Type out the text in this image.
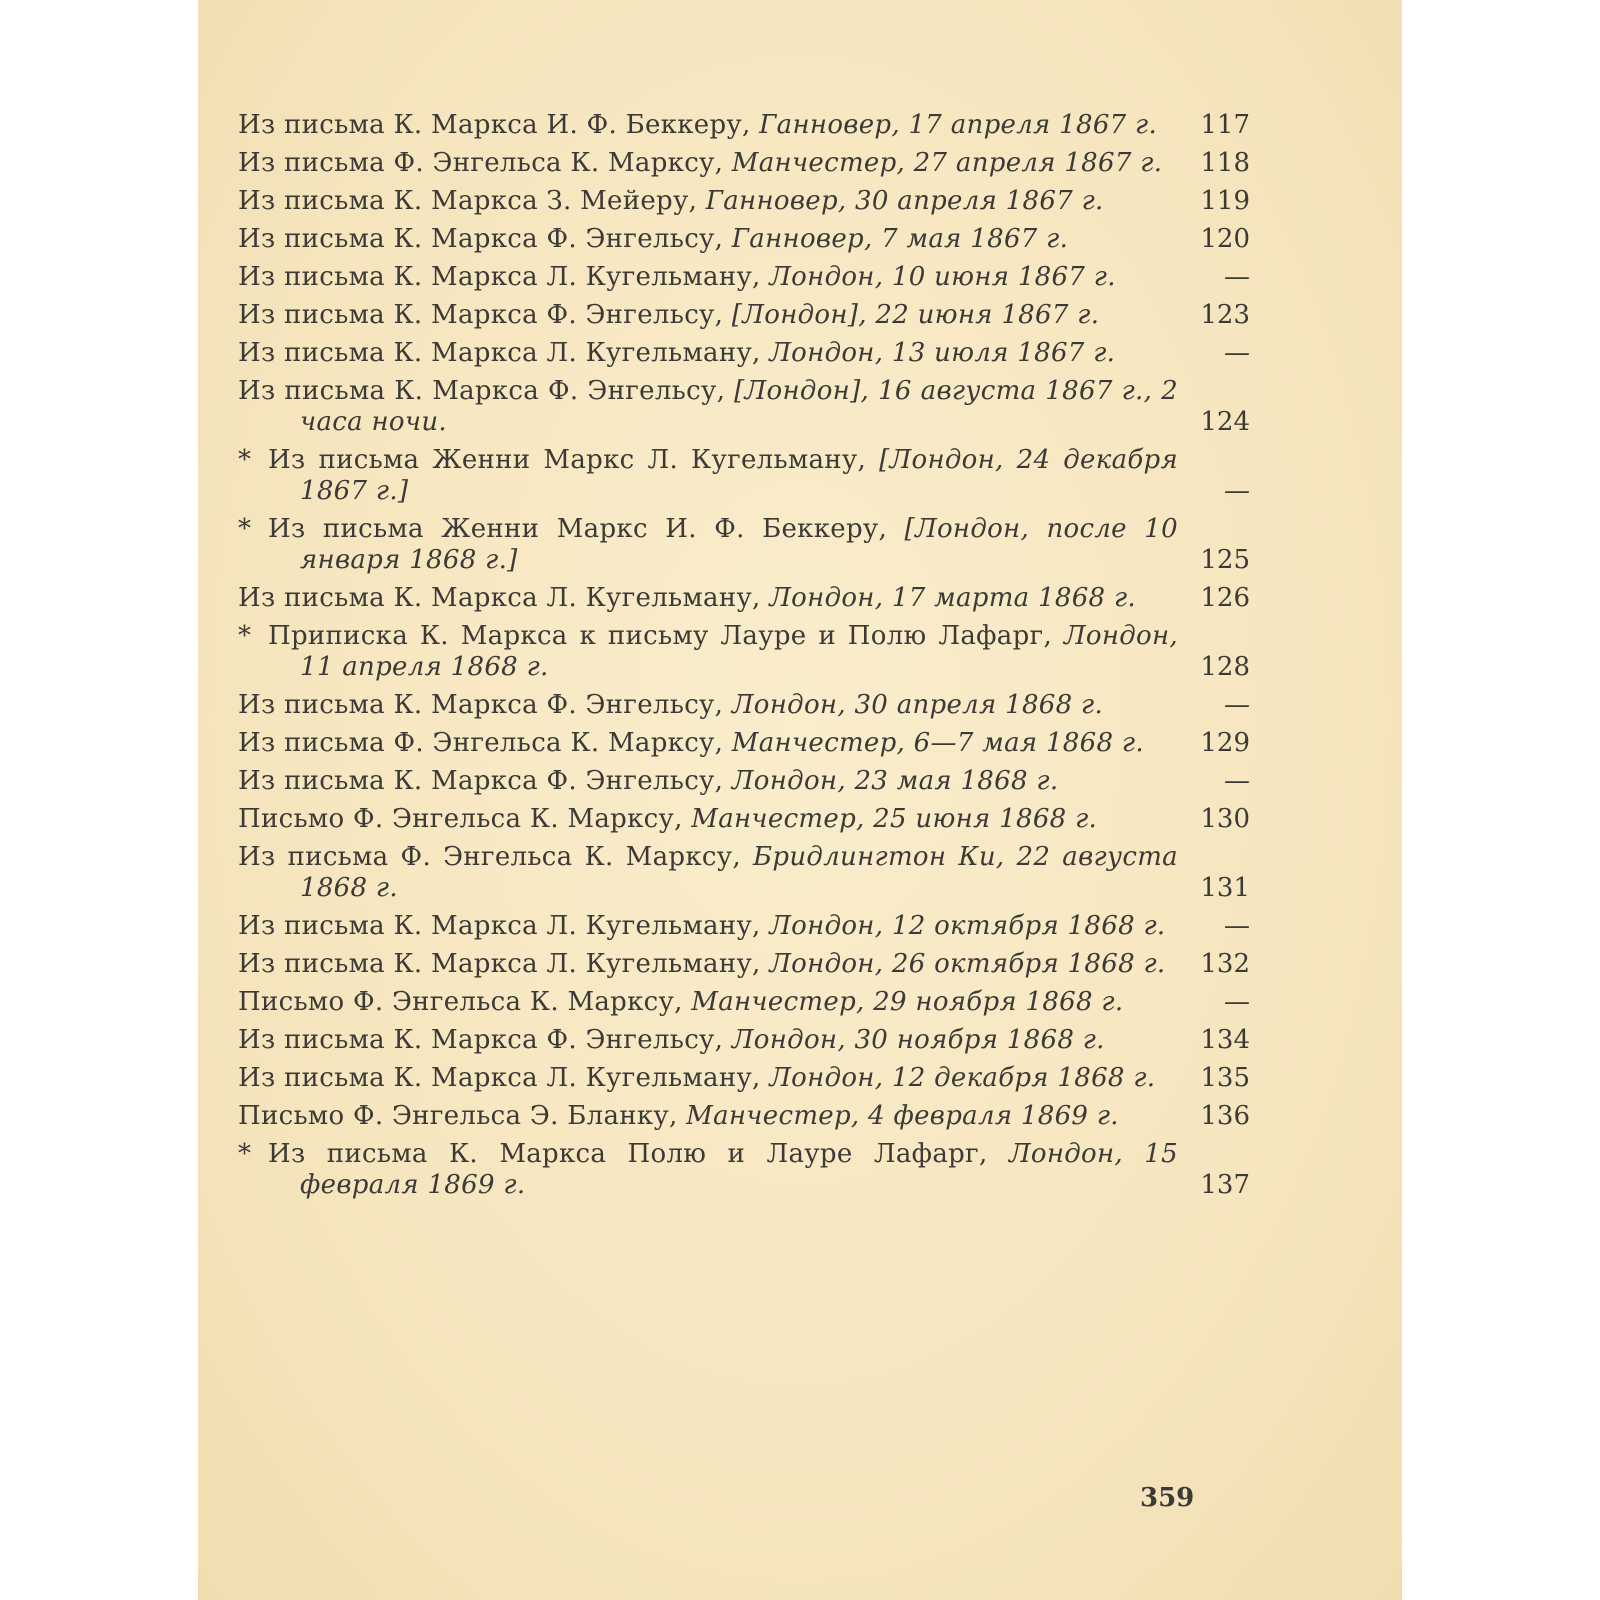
Из письма К. Маркса И. Ф. Беккеру, Ганновер, 17 апреля 1867 г.	117
Из письма Ф. Энгельса К. Марксу, Манчестер, 27 апреля 1867 г.	118
Из письма К. Маркса З. Мейеру, Ганновер, 30 апреля 1867 г.	119
Из письма К. Маркса Ф. Энгельсу, Ганновер, 7 мая 1867 г.	120
Из письма К. Маркса Л. Кугельману, Лондон, 10 июня 1867 г.	—
Из письма К. Маркса Ф. Энгельсу, [Лондон], 22 июня 1867 г.	123
Из письма К. Маркса Л. Кугельману, Лондон, 13 июля 1867 г.	—
Из письма К. Маркса Ф. Энгельсу, [Лондон], 16 августа 1867 г., 2 часа ночи.	124
* Из письма Женни Маркс Л. Кугельману, [Лондон, 24 декабря 1867 г.]	—
* Из письма Женни Маркс И. Ф. Беккеру, [Лондон, после 10 января 1868 г.]	125
Из письма К. Маркса Л. Кугельману, Лондон, 17 марта 1868 г.	126
* Приписка К. Маркса к письму Лауре и Полю Лафарг, Лондон, 11 апреля 1868 г.	128
Из письма К. Маркса Ф. Энгельсу, Лондон, 30 апреля 1868 г.	—
Из письма Ф. Энгельса К. Марксу, Манчестер, 6—7 мая 1868 г.	129
Из письма К. Маркса Ф. Энгельсу, Лондон, 23 мая 1868 г.	—
Письмо Ф. Энгельса К. Марксу, Манчестер, 25 июня 1868 г.	130
Из письма Ф. Энгельса К. Марксу, Бридлингтон Ки, 22 августа 1868 г.	131
Из письма К. Маркса Л. Кугельману, Лондон, 12 октября 1868 г.	—
Из письма К. Маркса Л. Кугельману, Лондон, 26 октября 1868 г.	132
Письмо Ф. Энгельса К. Марксу, Манчестер, 29 ноября 1868 г.	—
Из письма К. Маркса Ф. Энгельсу, Лондон, 30 ноября 1868 г.	134
Из письма К. Маркса Л. Кугельману, Лондон, 12 декабря 1868 г.	135
Письмо Ф. Энгельса Э. Бланку, Манчестер, 4 февраля 1869 г.	136
* Из письма К. Маркса Полю и Лауре Лафарг, Лондон, 15 февраля 1869 г.	137
359
